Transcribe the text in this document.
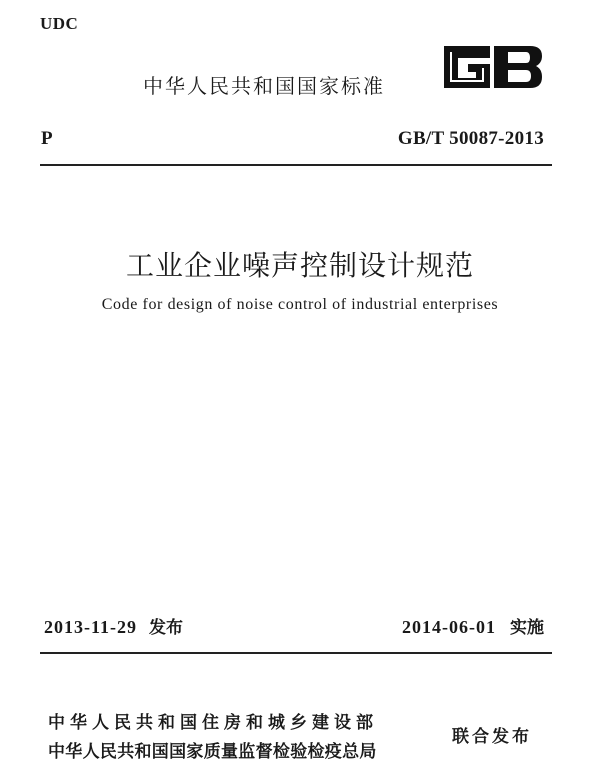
UDC
中华人民共和国国家标准
P	GB/T 50087-2013
工业企业噪声控制设计规范
Code for design of noise control of industrial enterprises
2013-11-29 发布	2014-06-01 实施
中华人民共和国住房和城乡建设部
中华人民共和国国家质量监督检验检疫总局
联合发布
